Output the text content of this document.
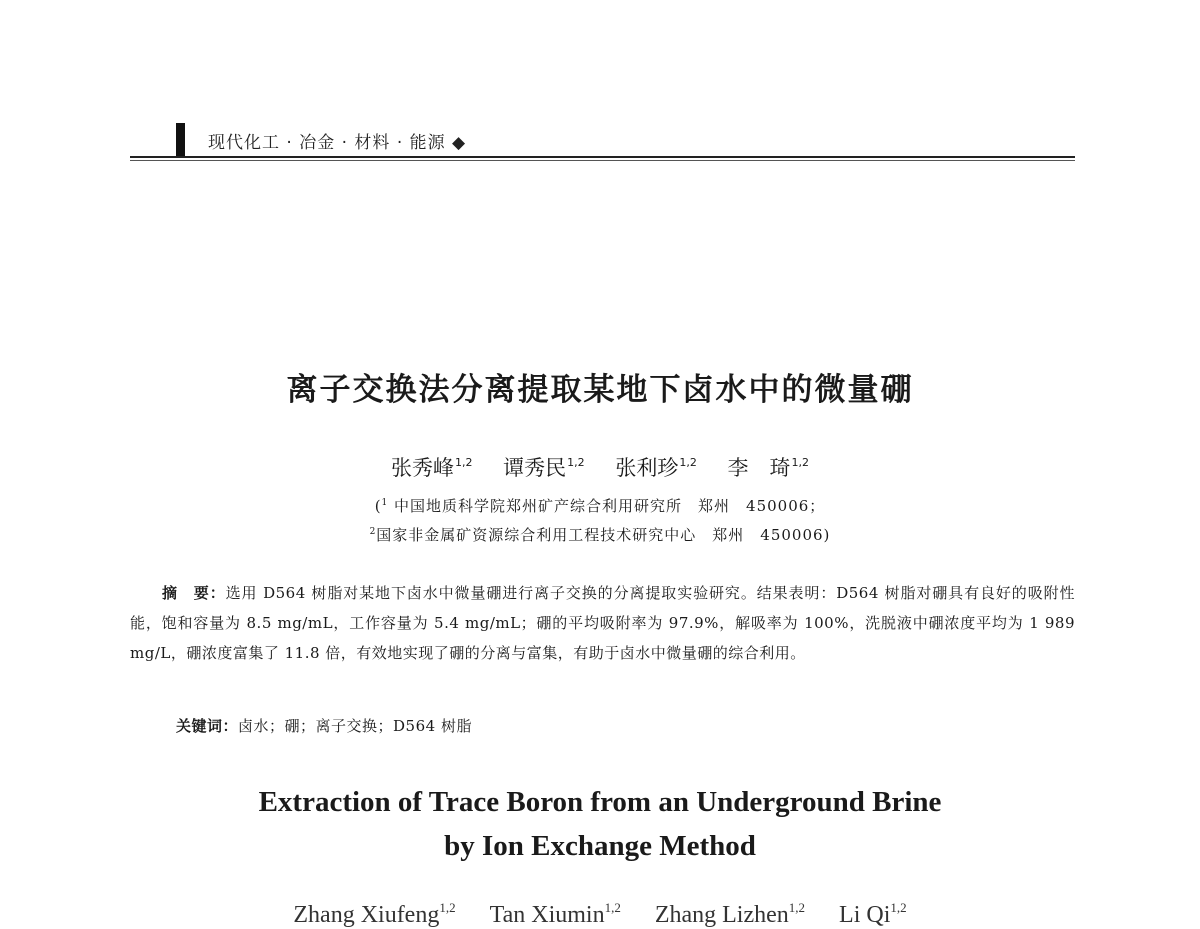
现代化工 · 冶金 · 材料 · 能源 ◆
离子交换法分离提取某地下卤水中的微量硼
张秀峰$^{1,2}$ 谭秀民$^{1,2}$ 张利珍$^{1,2}$ 李　琦$^{1,2}$
($^1$ 中国地质科学院郑州矿产综合利用研究所　郑州　450006；
$^2$国家非金属矿资源综合利用工程技术研究中心　郑州　450006)
摘　要：选用 D564 树脂对某地下卤水中微量硼进行离子交换的分离提取实验研究。结果表明：D564 树脂对硼具有良好的吸附性能，饱和容量为 8.5 mg/mL，工作容量为 5.4 mg/mL；硼的平均吸附率为 97.9%，解吸率为 100%，洗脱液中硼浓度平均为 1 989 mg/L，硼浓度富集了 11.8 倍，有效地实现了硼的分离与富集，有助于卤水中微量硼的综合利用。
关键词：卤水；硼；离子交换；D564 树脂
Extraction of Trace Boron from an Underground Brine
by Ion Exchange Method
Zhang Xiufeng$^{1,2}$ Tan Xiumin$^{1,2}$ Zhang Lizhen$^{1,2}$ Li Qi$^{1,2}$
